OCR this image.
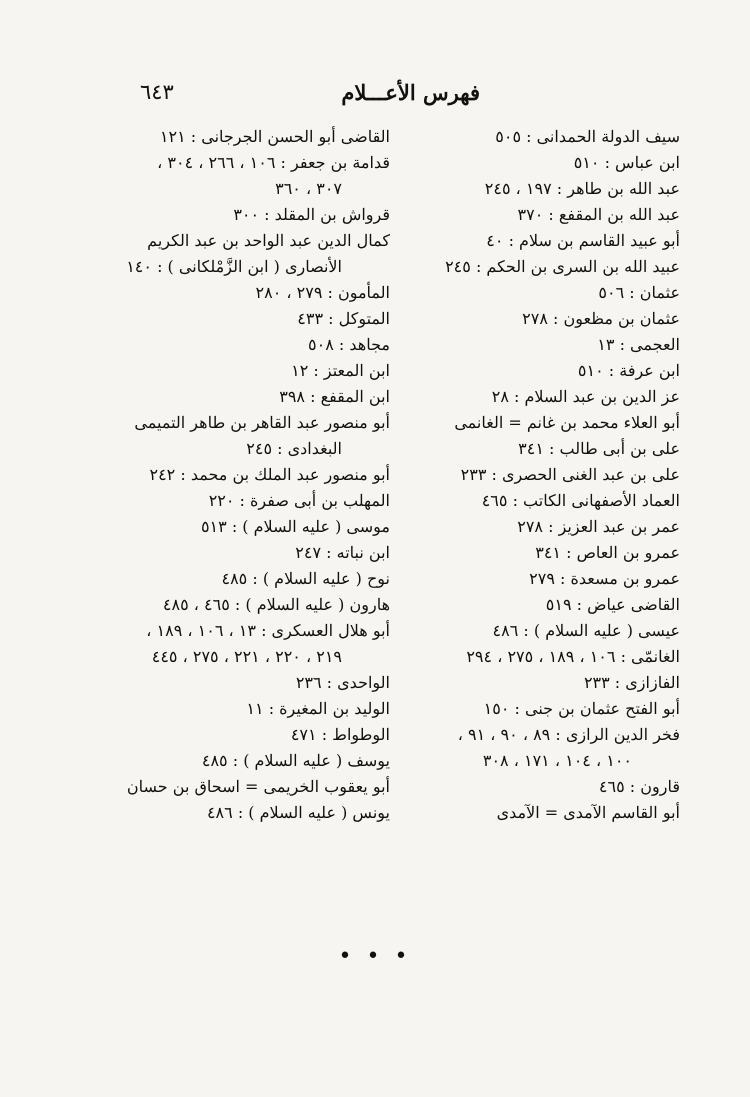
٦٤٣	فهرس الأعـــلام
سيف الدولة الحمدانى : ٥٠٥
ابن عباس : ٥١٠
عبد الله بن طاهر : ١٩٧ ، ٢٤٥
عبد الله بن المقفع : ٣٧٠
أبو عبيد القاسم بن سلام : ٤٠
عبيد الله بن السرى بن الحكم : ٢٤٥
عثمان : ٥٠٦
عثمان بن مظعون : ٢٧٨
العجمى : ١٣
ابن عرفة : ٥١٠
عز الدين بن عبد السلام : ٢٨
أبو العلاء محمد بن غانم = الغانمى
على بن أبى طالب : ٣٤١
على بن عبد الغنى الحصرى : ٢٣٣
العماد الأصفهانى الكاتب : ٤٦٥
عمر بن عبد العزيز : ٢٧٨
عمرو بن العاص : ٣٤١
عمرو بن مسعدة : ٢٧٩
القاضى عياض : ٥١٩
عيسى ( عليه السلام ) : ٤٨٦
الغانمّى : ١٠٦ ، ١٨٩ ، ٢٧٥ ، ٢٩٤
الفازازى : ٢٣٣
أبو الفتح عثمان بن جنى : ١٥٠
فخر الدين الرازى : ٨٩ ، ٩٠ ، ٩١ ،
١٠٠ ، ١٠٤ ، ١٧١ ، ٣٠٨
قارون : ٤٦٥
أبو القاسم الآمدى = الآمدى
القاضى أبو الحسن الجرجانى : ١٢١
قدامة بن جعفر : ١٠٦ ، ٢٦٦ ، ٣٠٤ ،
٣٠٧ ، ٣٦٠
قرواش بن المقلد : ٣٠٠
كمال الدين عبد الواحد بن عبد الكريم
الأنصارى ( ابن الزَّمْلكانى ) : ١٤٠
المأمون : ٢٧٩ ، ٢٨٠
المتوكل : ٤٣٣
مجاهد : ٥٠٨
ابن المعتز : ١٢
ابن المقفع : ٣٩٨
أبو منصور عبد القاهر بن طاهر التميمى
البغدادى : ٢٤٥
أبو منصور عبد الملك بن محمد : ٢٤٢
المهلب بن أبى صفرة : ٢٢٠
موسى ( عليه السلام ) : ٥١٣
ابن نباته : ٢٤٧
نوح ( عليه السلام ) : ٤٨٥
هارون ( عليه السلام ) : ٤٦٥ ، ٤٨٥
أبو هلال العسكرى : ١٣ ، ١٠٦ ، ١٨٩ ،
٢١٩ ، ٢٢٠ ، ٢٢١ ، ٢٧٥ ، ٤٤٥
الواحدى : ٢٣٦
الوليد بن المغيرة : ١١
الوطواط : ٤٧١
يوسف ( عليه السلام ) : ٤٨٥
أبو يعقوب الخريمى = اسحاق بن حسان
يونس ( عليه السلام ) : ٤٨٦
• • •
